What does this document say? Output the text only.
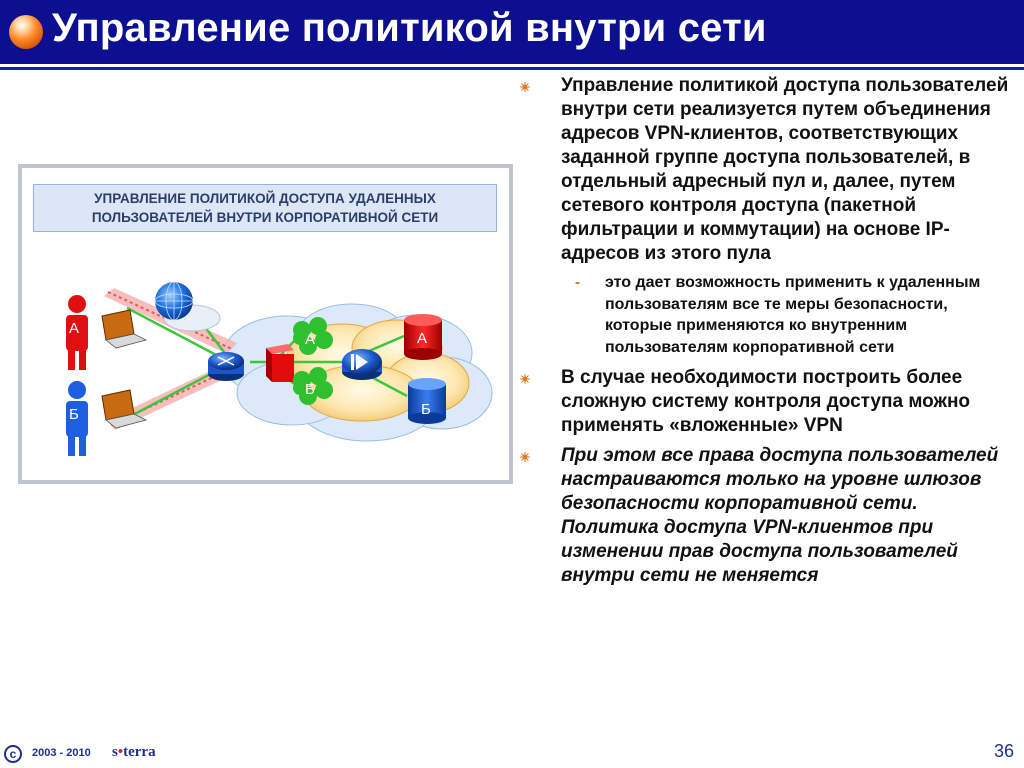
Управление политикой внутри сети
УПРАВЛЕНИЕ ПОЛИТИКОЙ ДОСТУПА УДАЛЕННЫХ
ПОЛЬЗОВАТЕЛЕЙ ВНУТРИ КОРПОРАТИВНОЙ СЕТИ
А
Б
А
Б
А
Б
Управление политикой доступа пользователей внутри сети реализуется путем объединения адресов VPN-клиентов, соответствующих заданной группе доступа пользователей, в отдельный адресный пул и, далее, путем сетевого контроля доступа (пакетной фильтрации и коммутации) на основе IP-адресов из этого пула
- это дает возможность применить к удаленным пользователям все те меры безопасности, которые применяются ко внутренним пользователям корпоративной сети
В случае необходимости построить более сложную систему контроля доступа можно применять «вложенные» VPN
При этом все права доступа пользователей настраиваются только на уровне шлюзов безопасности корпоративной сети. Политика доступа VPN-клиентов при изменении прав доступа пользователей внутри сети не меняется
c	2003 - 2010 s•terra	36
